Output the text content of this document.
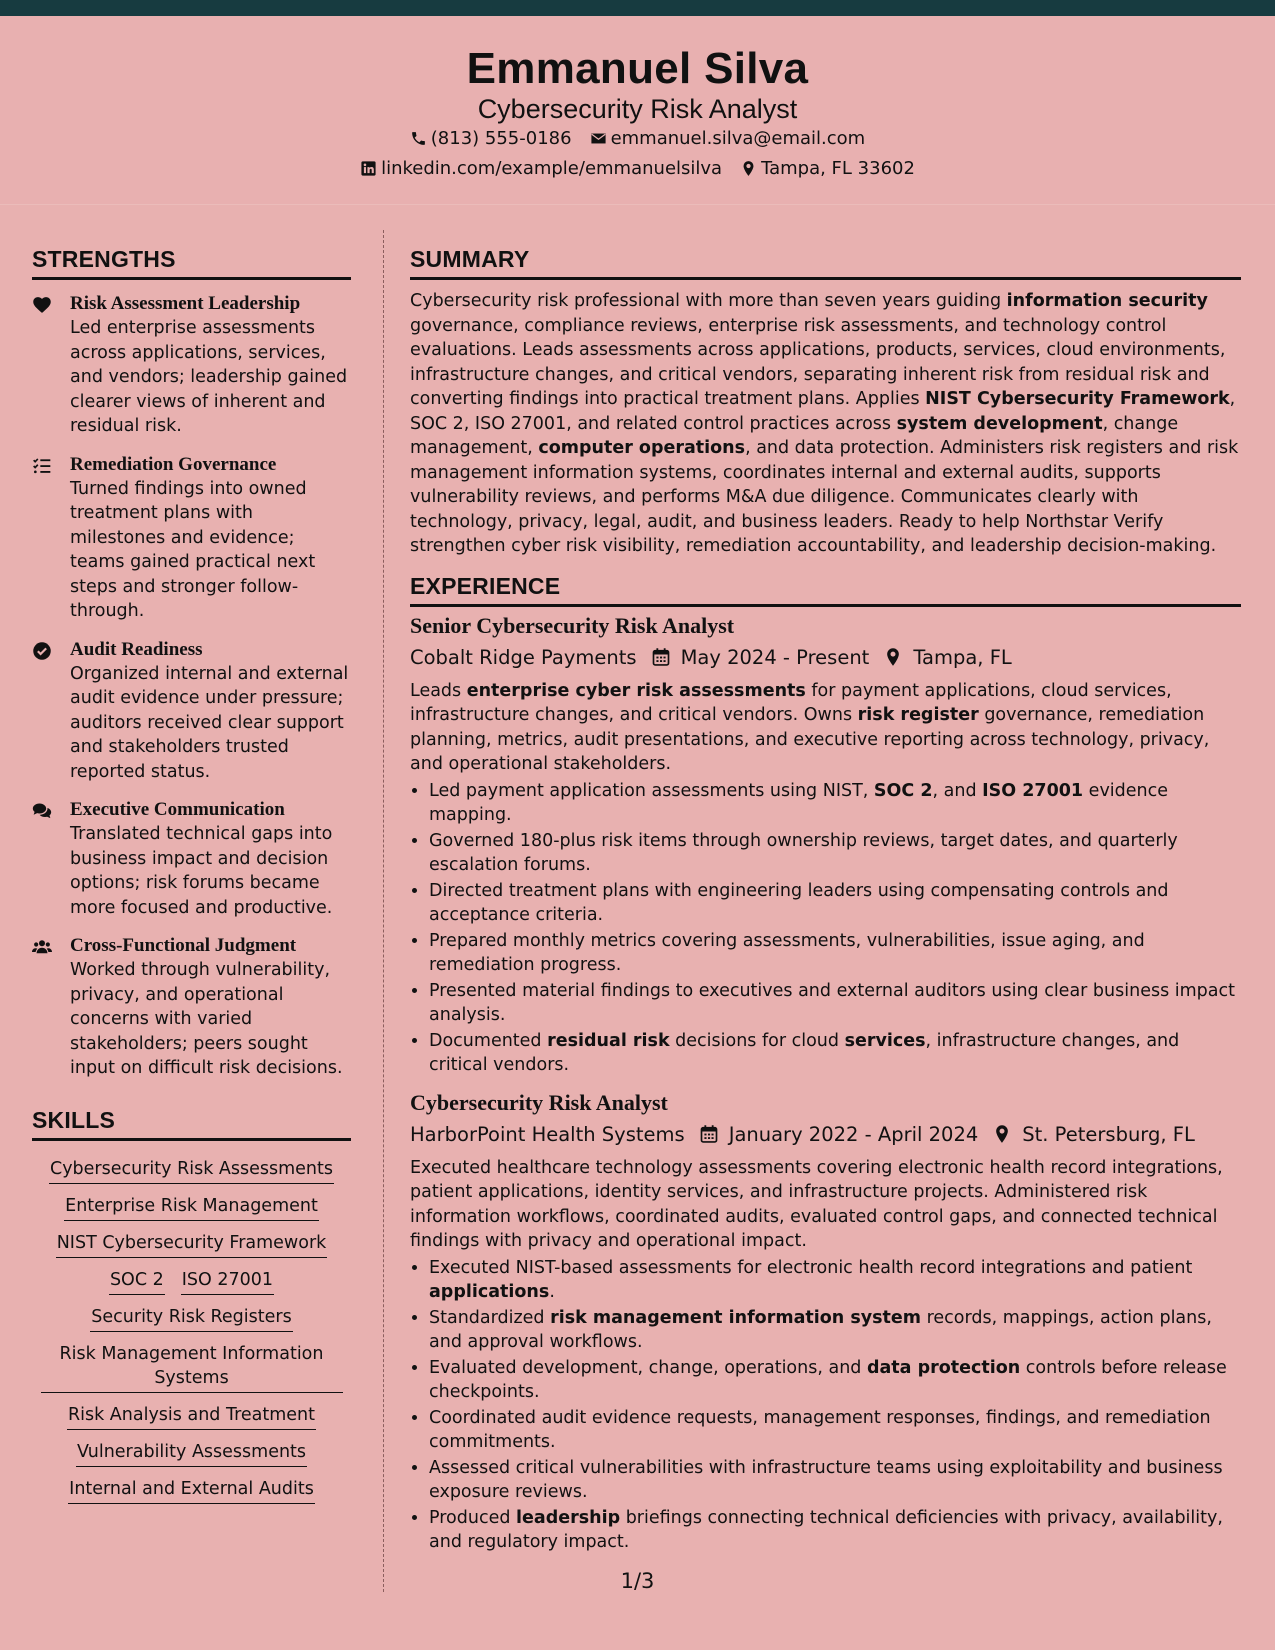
Emmanuel Silva
Cybersecurity Risk Analyst
(813) 555-0186 emmanuel.silva@email.com
linkedin.com/example/emmanuelsilva Tampa, FL 33602
STRENGTHS
Risk Assessment Leadership
Led enterprise assessments across applications, services, and vendors; leadership gained clearer views of inherent and residual risk.
Remediation Governance
Turned findings into owned treatment plans with milestones and evidence; teams gained practical next steps and stronger follow-through.
Audit Readiness
Organized internal and external audit evidence under pressure; auditors received clear support and stakeholders trusted reported status.
Executive Communication
Translated technical gaps into business impact and decision options; risk forums became more focused and productive.
Cross-Functional Judgment
Worked through vulnerability, privacy, and operational concerns with varied stakeholders; peers sought input on difficult risk decisions.
SKILLS
Cybersecurity Risk Assessments
Enterprise Risk Management
NIST Cybersecurity Framework
SOC 2 ISO 27001
Security Risk Registers
Risk Management Information Systems
Risk Analysis and Treatment
Vulnerability Assessments
Internal and External Audits
SUMMARY

Cybersecurity risk professional with more than seven years guiding information security governance, compliance reviews, enterprise risk assessments, and technology control evaluations. Leads assessments across applications, products, services, cloud environments, infrastructure changes, and critical vendors, separating inherent risk from residual risk and converting findings into practical treatment plans. Applies NIST Cybersecurity Framework, SOC 2, ISO 27001, and related control practices across system development, change management, computer operations, and data protection. Administers risk registers and risk management information systems, coordinates internal and external audits, supports vulnerability reviews, and performs M&A due diligence. Communicates clearly with technology, privacy, legal, audit, and business leaders. Ready to help Northstar Verify strengthen cyber risk visibility, remediation accountability, and leadership decision-making.

EXPERIENCE
Senior Cybersecurity Risk Analyst
Cobalt Ridge Payments May 2024 - Present Tampa, FL

Leads enterprise cyber risk assessments for payment applications, cloud services, infrastructure changes, and critical vendors. Owns risk register governance, remediation planning, metrics, audit presentations, and executive reporting across technology, privacy, and operational stakeholders.

• Led payment application assessments using NIST, SOC 2, and ISO 27001 evidence mapping.
• Governed 180-plus risk items through ownership reviews, target dates, and quarterly escalation forums.
• Directed treatment plans with engineering leaders using compensating controls and acceptance criteria.
• Prepared monthly metrics covering assessments, vulnerabilities, issue aging, and remediation progress.
• Presented material findings to executives and external auditors using clear business impact analysis.
• Documented residual risk decisions for cloud services, infrastructure changes, and critical vendors.
Cybersecurity Risk Analyst
HarborPoint Health Systems January 2022 - April 2024 St. Petersburg, FL

Executed healthcare technology assessments covering electronic health record integrations, patient applications, identity services, and infrastructure projects. Administered risk information workflows, coordinated audits, evaluated control gaps, and connected technical findings with privacy and operational impact.

• Executed NIST-based assessments for electronic health record integrations and patient applications.
• Standardized risk management information system records, mappings, action plans, and approval workflows.
• Evaluated development, change, operations, and data protection controls before release checkpoints.
• Coordinated audit evidence requests, management responses, findings, and remediation commitments.
• Assessed critical vulnerabilities with infrastructure teams using exploitability and business exposure reviews.
• Produced leadership briefings connecting technical deficiencies with privacy, availability, and regulatory impact.
1/3
